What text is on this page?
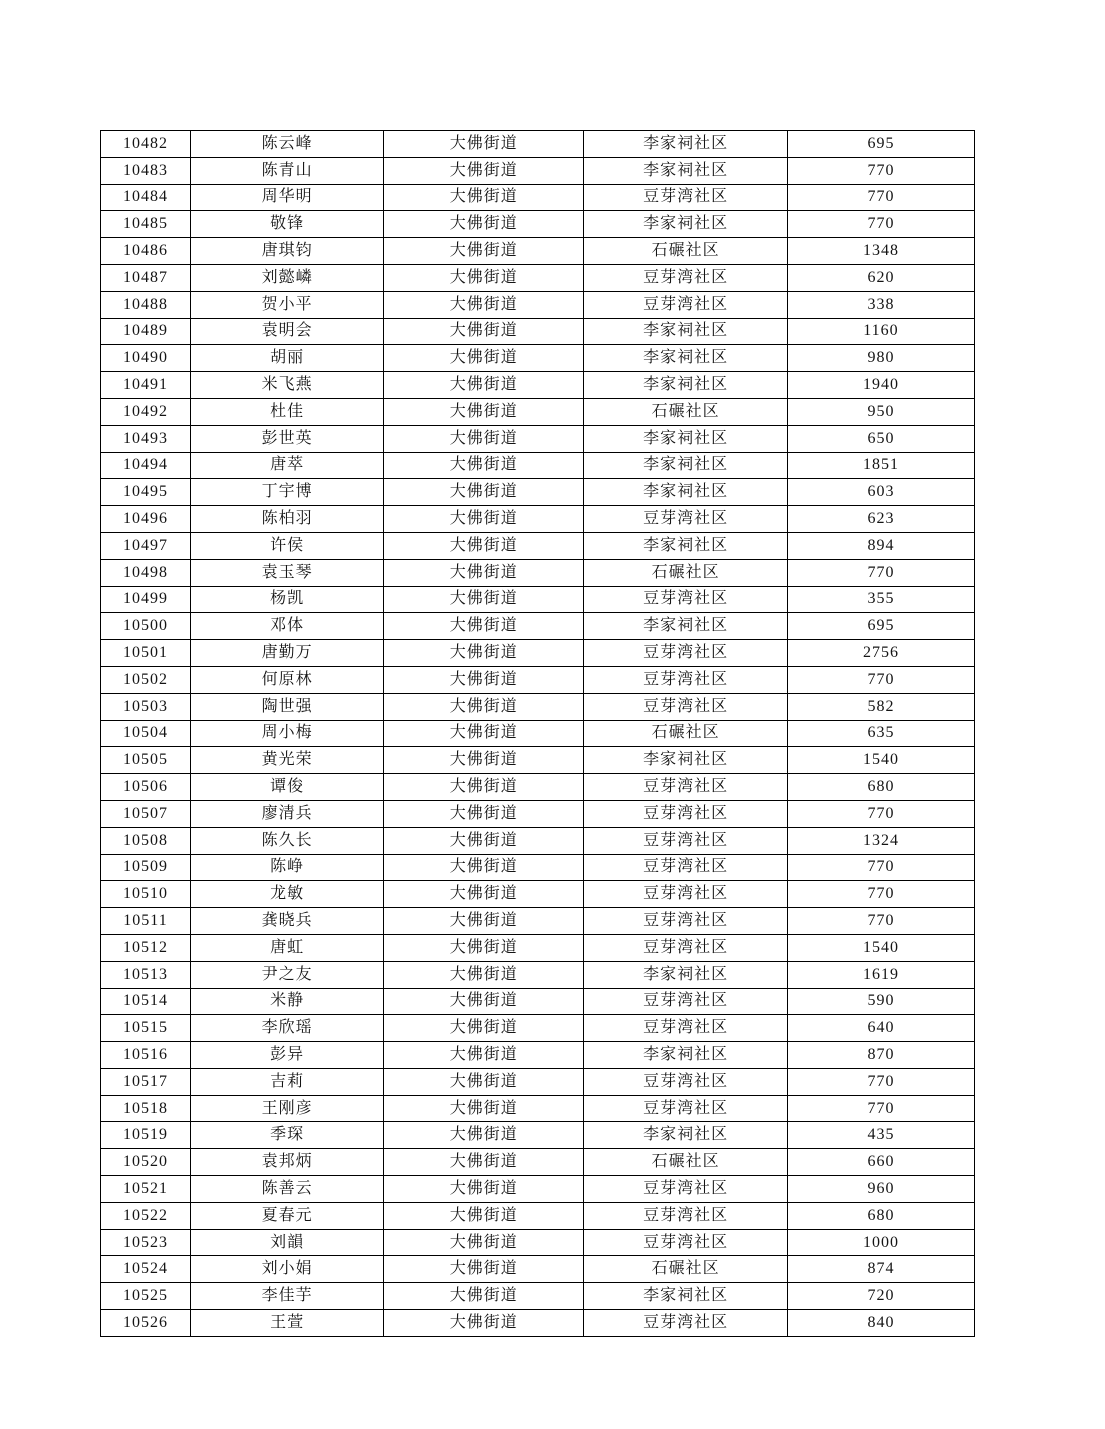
10482	陈云峰	大佛街道	李家祠社区	695
10483	陈青山	大佛街道	李家祠社区	770
10484	周华明	大佛街道	豆芽湾社区	770
10485	敬锋	大佛街道	李家祠社区	770
10486	唐琪钧	大佛街道	石碾社区	1348
10487	刘懿嶙	大佛街道	豆芽湾社区	620
10488	贺小平	大佛街道	豆芽湾社区	338
10489	袁明会	大佛街道	李家祠社区	1160
10490	胡丽	大佛街道	李家祠社区	980
10491	米飞燕	大佛街道	李家祠社区	1940
10492	杜佳	大佛街道	石碾社区	950
10493	彭世英	大佛街道	李家祠社区	650
10494	唐萃	大佛街道	李家祠社区	1851
10495	丁宇博	大佛街道	李家祠社区	603
10496	陈柏羽	大佛街道	豆芽湾社区	623
10497	许侯	大佛街道	李家祠社区	894
10498	袁玉琴	大佛街道	石碾社区	770
10499	杨凯	大佛街道	豆芽湾社区	355
10500	邓体	大佛街道	李家祠社区	695
10501	唐勤万	大佛街道	豆芽湾社区	2756
10502	何原林	大佛街道	豆芽湾社区	770
10503	陶世强	大佛街道	豆芽湾社区	582
10504	周小梅	大佛街道	石碾社区	635
10505	黄光荣	大佛街道	李家祠社区	1540
10506	谭俊	大佛街道	豆芽湾社区	680
10507	廖清兵	大佛街道	豆芽湾社区	770
10508	陈久长	大佛街道	豆芽湾社区	1324
10509	陈峥	大佛街道	豆芽湾社区	770
10510	龙敏	大佛街道	豆芽湾社区	770
10511	龚晓兵	大佛街道	豆芽湾社区	770
10512	唐虹	大佛街道	豆芽湾社区	1540
10513	尹之友	大佛街道	李家祠社区	1619
10514	米静	大佛街道	豆芽湾社区	590
10515	李欣瑶	大佛街道	豆芽湾社区	640
10516	彭异	大佛街道	李家祠社区	870
10517	吉莉	大佛街道	豆芽湾社区	770
10518	王刚彦	大佛街道	豆芽湾社区	770
10519	季琛	大佛街道	李家祠社区	435
10520	袁邦炳	大佛街道	石碾社区	660
10521	陈善云	大佛街道	豆芽湾社区	960
10522	夏春元	大佛街道	豆芽湾社区	680
10523	刘韻	大佛街道	豆芽湾社区	1000
10524	刘小娟	大佛街道	石碾社区	874
10525	李佳芋	大佛街道	李家祠社区	720
10526	王萱	大佛街道	豆芽湾社区	840
